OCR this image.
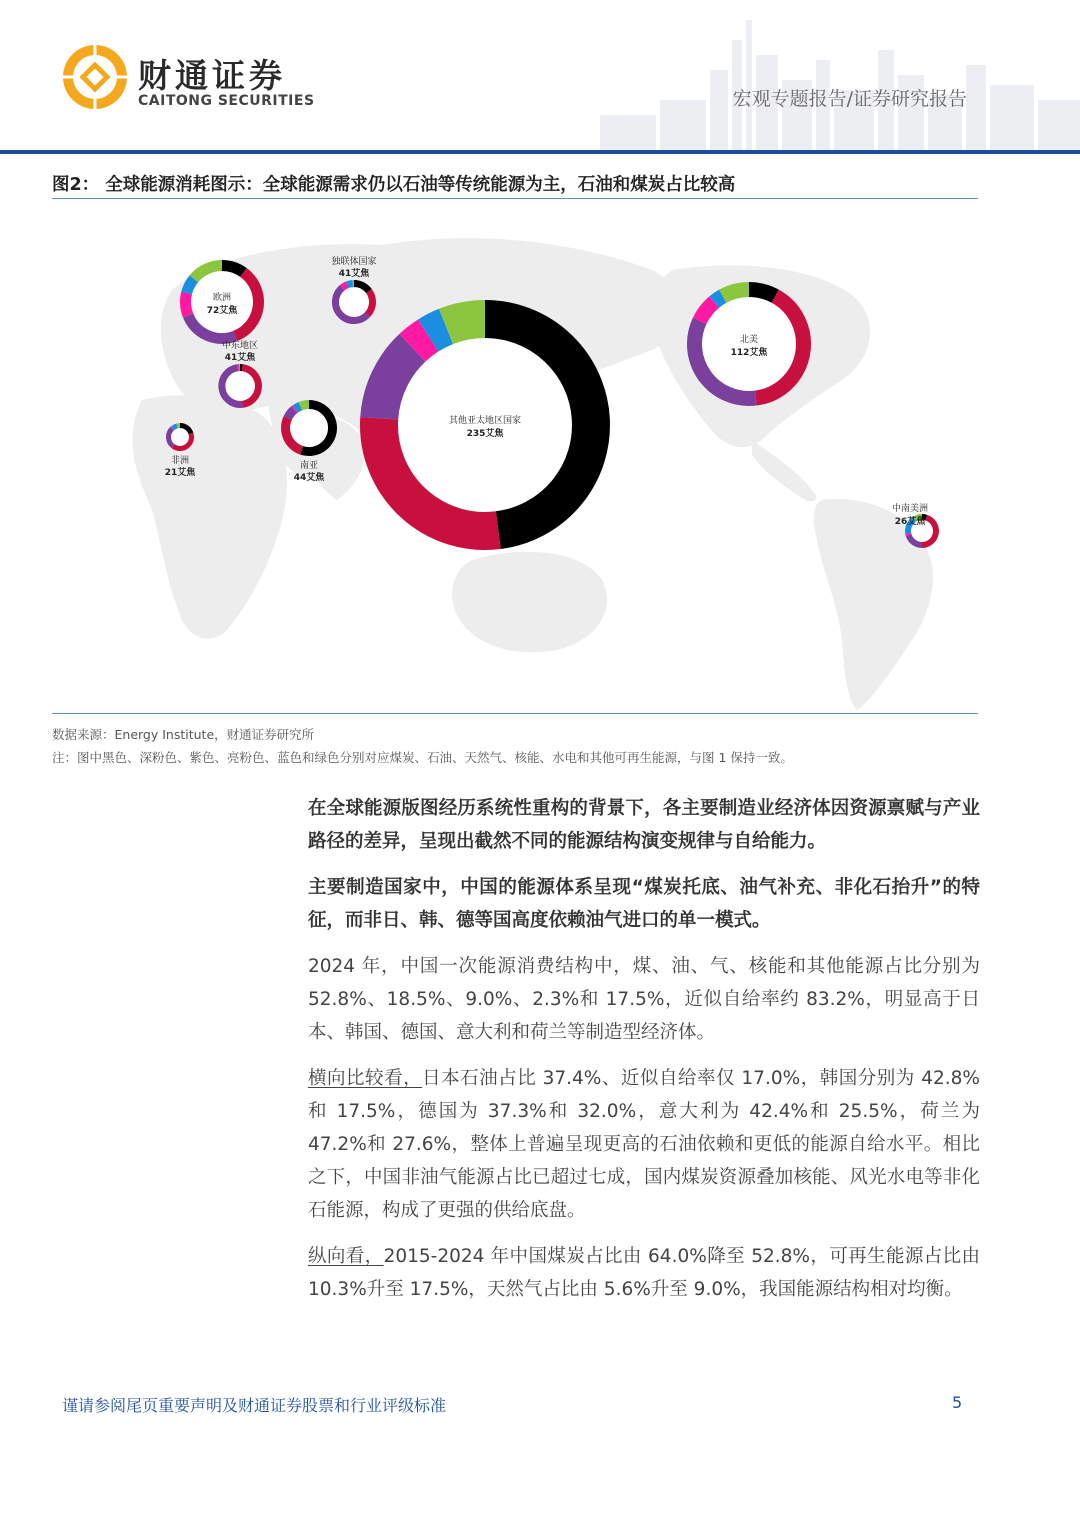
财通证券
CAITONG SECURITIES	宏观专题报告/证券研究报告
图2： 全球能源消耗图示：全球能源需求仍以石油等传统能源为主，石油和煤炭占比较高
欧洲
72艾焦
独联体国家
41艾焦
北美
112艾焦
中东地区
41艾焦
其他亚太地区国家
235艾焦
南亚
44艾焦
非洲
21艾焦
中南美洲
26艾焦
数据来源：Energy Institute，财通证券研究所
注：图中黑色、深粉色、紫色、亮粉色、蓝色和绿色分别对应煤炭、石油、天然气、核能、水电和其他可再生能源，与图 1 保持一致。

在全球能源版图经历系统性重构的背景下，各主要制造业经济体因资源禀赋与产业路径的差异，呈现出截然不同的能源结构演变规律与自给能力。

主要制造国家中，中国的能源体系呈现“煤炭托底、油气补充、非化石抬升”的特征，而非日、韩、德等国高度依赖油气进口的单一模式。

2024 年，中国一次能源消费结构中，煤、油、气、核能和其他能源占比分别为 52.8%、18.5%、9.0%、2.3%和 17.5%，近似自给率约 83.2%，明显高于日本、韩国、德国、意大利和荷兰等制造型经济体。

横向比较看，日本石油占比 37.4%、近似自给率仅 17.0%，韩国分别为 42.8%和 17.5%，德国为 37.3%和 32.0%，意大利为 42.4%和 25.5%，荷兰为 47.2%和 27.6%，整体上普遍呈现更高的石油依赖和更低的能源自给水平。相比之下，中国非油气能源占比已超过七成，国内煤炭资源叠加核能、风光水电等非化石能源，构成了更强的供给底盘。

纵向看，2015-2024 年中国煤炭占比由 64.0%降至 52.8%，可再生能源占比由 10.3%升至 17.5%，天然气占比由 5.6%升至 9.0%，我国能源结构相对均衡。

谨请参阅尾页重要声明及财通证券股票和行业评级标准	5
